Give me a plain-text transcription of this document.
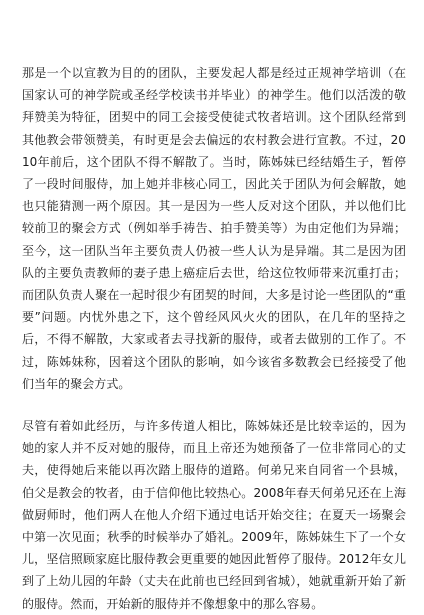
那是一个以宣教为目的的团队，主要发起人都是经过正规神学培训（在国家认可的神学院或圣经学校读书并毕业）的神学生。他们以活泼的敬拜赞美为特征，团契中的同工会接受使徒式牧者培训。这个团队经常到其他教会带领赞美，有时更是会去偏远的农村教会进行宣教。不过，2010年前后，这个团队不得不解散了。当时，陈姊妹已经结婚生子，暂停了一段时间服侍，加上她并非核心同工，因此关于团队为何会解散，她也只能猜测一两个原因。其一是因为一些人反对这个团队，并以他们比较前卫的聚会方式（例如举手祷告、拍手赞美等）为由定他们为异端；至今，这一团队当年主要负责人仍被一些人认为是异端。其二是因为团队的主要负责教师的妻子患上癌症后去世，给这位牧师带来沉重打击；而团队负责人聚在一起时很少有团契的时间，大多是讨论一些团队的“重要”问题。内忧外患之下，这个曾经风风火火的团队，在几年的坚持之后，不得不解散，大家或者去寻找新的服侍，或者去做别的工作了。不过，陈姊妹称，因着这个团队的影响，如今该省多数教会已经接受了他们当年的聚会方式。

尽管有着如此经历，与许多传道人相比，陈姊妹还是比较幸运的，因为她的家人并不反对她的服侍，而且上帝还为她预备了一位非常同心的丈夫，使得她后来能以再次踏上服侍的道路。何弟兄来自同省一个县城，伯父是教会的牧者，由于信仰他比较热心。2008年春天何弟兄还在上海做厨师时，他们两人在他人介绍下通过电话开始交往；在夏天一场聚会中第一次见面；秋季的时候举办了婚礼。2009年，陈姊妹生下了一个女儿，坚信照顾家庭比服侍教会更重要的她因此暂停了服侍。2012年女儿到了上幼儿园的年龄（丈夫在此前也已经回到省城），她就重新开始了新的服侍。然而，开始新的服侍并不像想象中的那么容易。
